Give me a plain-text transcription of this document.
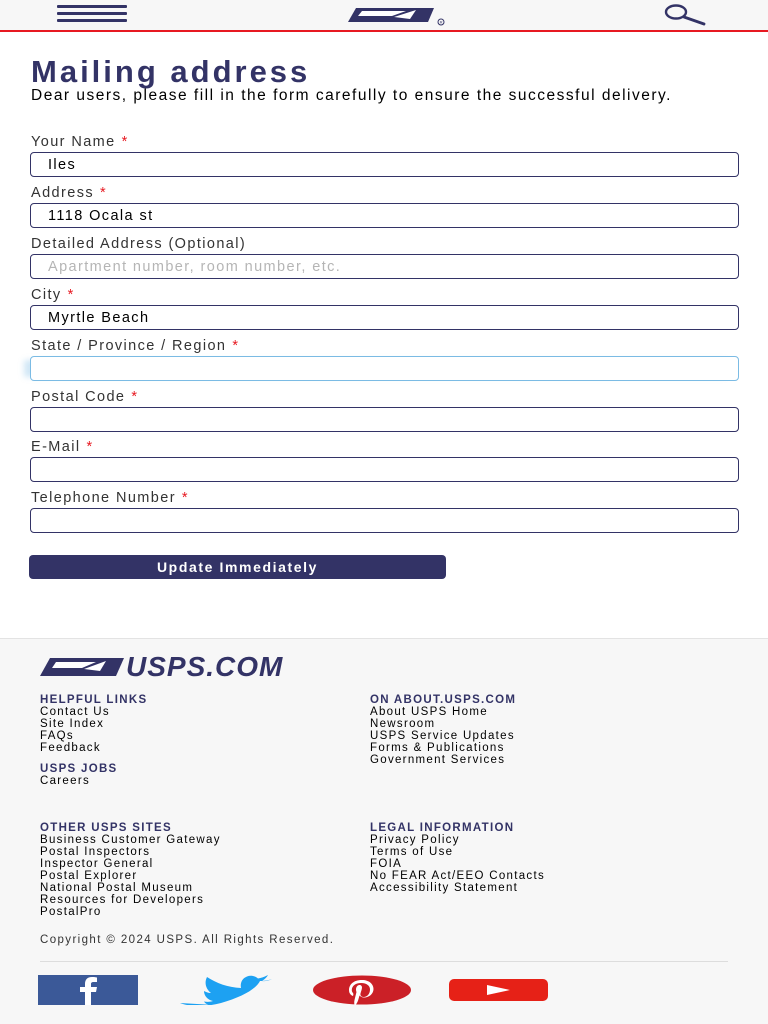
R
Mailing address
Dear users, please fill in the form carefully to ensure the successful delivery.
Your Name *
Iles
Address *
1118 Ocala st
Detailed Address (Optional)
Apartment number, room number, etc.
City *
Myrtle Beach
State / Province / Region *
Postal Code *
E-Mail *
Telephone Number *
Update Immediately
USPS.COM
HELPFUL LINKS
Contact Us
Site Index
FAQs
Feedback
USPS JOBS
Careers
ON ABOUT.USPS.COM
About USPS Home
Newsroom
USPS Service Updates
Forms & Publications
Government Services
OTHER USPS SITES
Business Customer Gateway
Postal Inspectors
Inspector General
Postal Explorer
National Postal Museum
Resources for Developers
PostalPro
LEGAL INFORMATION
Privacy Policy
Terms of Use
FOIA
No FEAR Act/EEO Contacts
Accessibility Statement
Copyright © 2024 USPS. All Rights Reserved.
